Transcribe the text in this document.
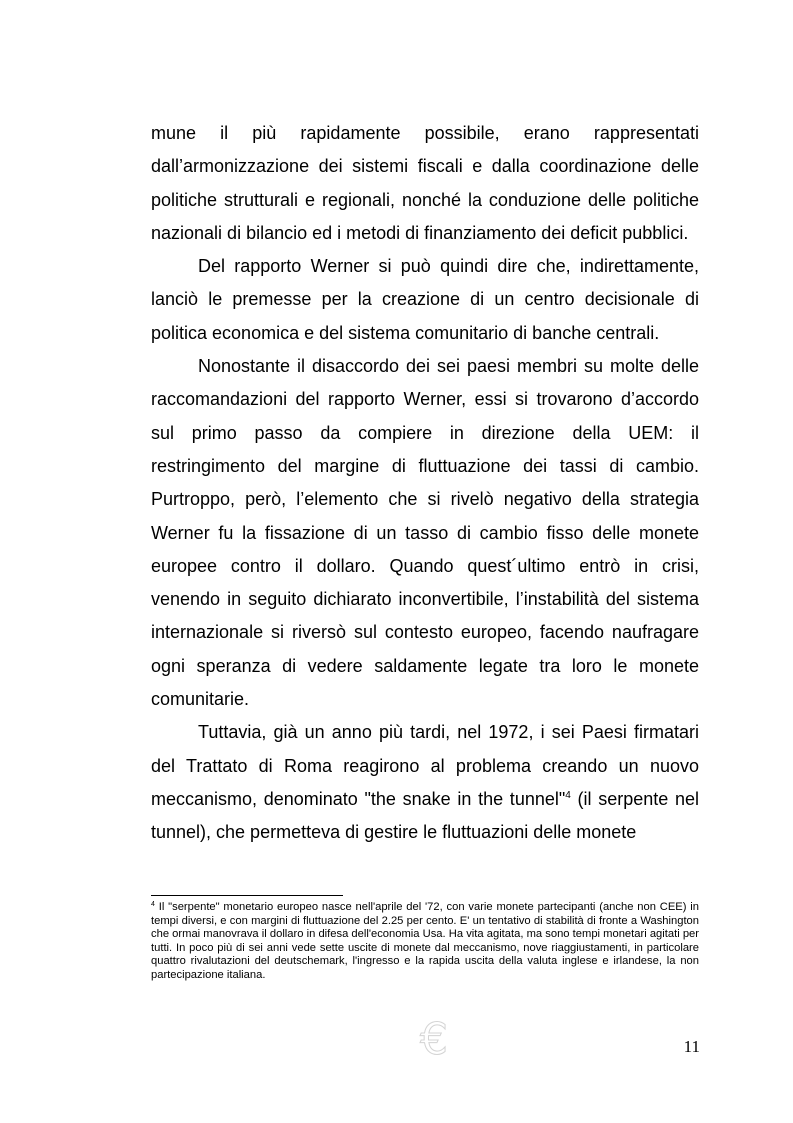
mune il più rapidamente possibile, erano rappresentati dall’armonizzazione dei sistemi fiscali e dalla coordinazione delle politiche strutturali e regionali, nonché la conduzione delle politiche nazionali di bilancio ed i metodi di finanziamento dei deficit pubblici.

Del rapporto Werner si può quindi dire che, indirettamente, lanciò le premesse per la creazione di un centro decisionale di politica economica e del sistema comunitario di banche centrali.

Nonostante il disaccordo dei sei paesi membri su molte delle raccomandazioni del rapporto Werner, essi si trovarono d’accordo sul primo passo da compiere in direzione della UEM: il restringimento del margine di fluttuazione dei tassi di cambio. Purtroppo, però, l’elemento che si rivelò negativo della strategia Werner fu la fissazione di un tasso di cambio fisso delle monete europee contro il dollaro. Quando quest´ultimo entrò in crisi, venendo in seguito dichiarato inconvertibile, l’instabilità del sistema internazionale si riversò sul contesto europeo, facendo naufragare ogni speranza di vedere saldamente legate tra loro le monete comunitarie.

Tuttavia, già un anno più tardi, nel 1972, i sei Paesi firmatari del Trattato di Roma reagirono al problema creando un nuovo meccanismo, denominato "the snake in the tunnel"$^4$ (il serpente nel tunnel), che permetteva di gestire le fluttuazioni delle monete

$^4$ Il "serpente" monetario europeo nasce nell'aprile del '72, con varie monete partecipanti (anche non CEE) in tempi diversi, e con margini di fluttuazione del 2.25 per cento. E' un tentativo di stabilità di fronte a Washington che ormai manovrava il dollaro in difesa dell'economia Usa. Ha vita agitata, ma sono tempi monetari agitati per tutti. In poco più di sei anni vede sette uscite di monete dal meccanismo, nove riaggiustamenti, in particolare quattro rivalutazioni del deutschemark, l'ingresso e la rapida uscita della valuta inglese e irlandese, la non partecipazione italiana.

€	11
